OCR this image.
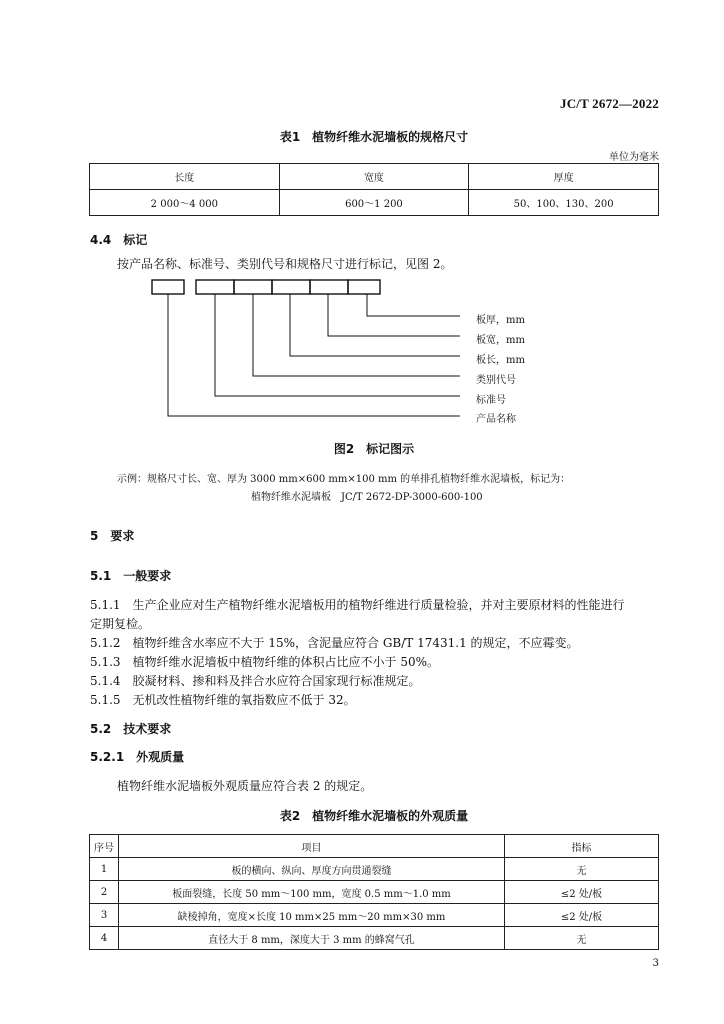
JC/T 2672—2022
表1　植物纤维水泥墙板的规格尺寸
单位为毫米
长度	宽度	厚度
2 000～4 000	600～1 200	50、100、130、200
4.4　标记
按产品名称、标准号、类别代号和规格尺寸进行标记，见图 2。
板厚，mm
板宽，mm
板长，mm
类别代号
标准号
产品名称
图2　标记图示
示例：规格尺寸长、宽、厚为 3000 mm×600 mm×100 mm 的单排孔植物纤维水泥墙板，标记为：
植物纤维水泥墙板　JC/T 2672-DP-3000-600-100
5　要求
5.1　一般要求
5.1.1　生产企业应对生产植物纤维水泥墙板用的植物纤维进行质量检验，并对主要原材料的性能进行
定期复检。
5.1.2　植物纤维含水率应不大于 15%，含泥量应符合 GB/T 17431.1 的规定，不应霉变。
5.1.3　植物纤维水泥墙板中植物纤维的体积占比应不小于 50%。
5.1.4　胶凝材料、掺和料及拌合水应符合国家现行标准规定。
5.1.5　无机改性植物纤维的氧指数应不低于 32。
5.2　技术要求
5.2.1　外观质量
植物纤维水泥墙板外观质量应符合表 2 的规定。
表2　植物纤维水泥墙板的外观质量
序号	项目	指标
1	板的横向、纵向、厚度方向贯通裂缝	无
2	板面裂缝，长度 50 mm～100 mm，宽度 0.5 mm～1.0 mm	≤2 处/板
3	缺棱掉角，宽度×长度 10 mm×25 mm～20 mm×30 mm	≤2 处/板
4	直径大于 8 mm，深度大于 3 mm 的蜂窝气孔	无
3
